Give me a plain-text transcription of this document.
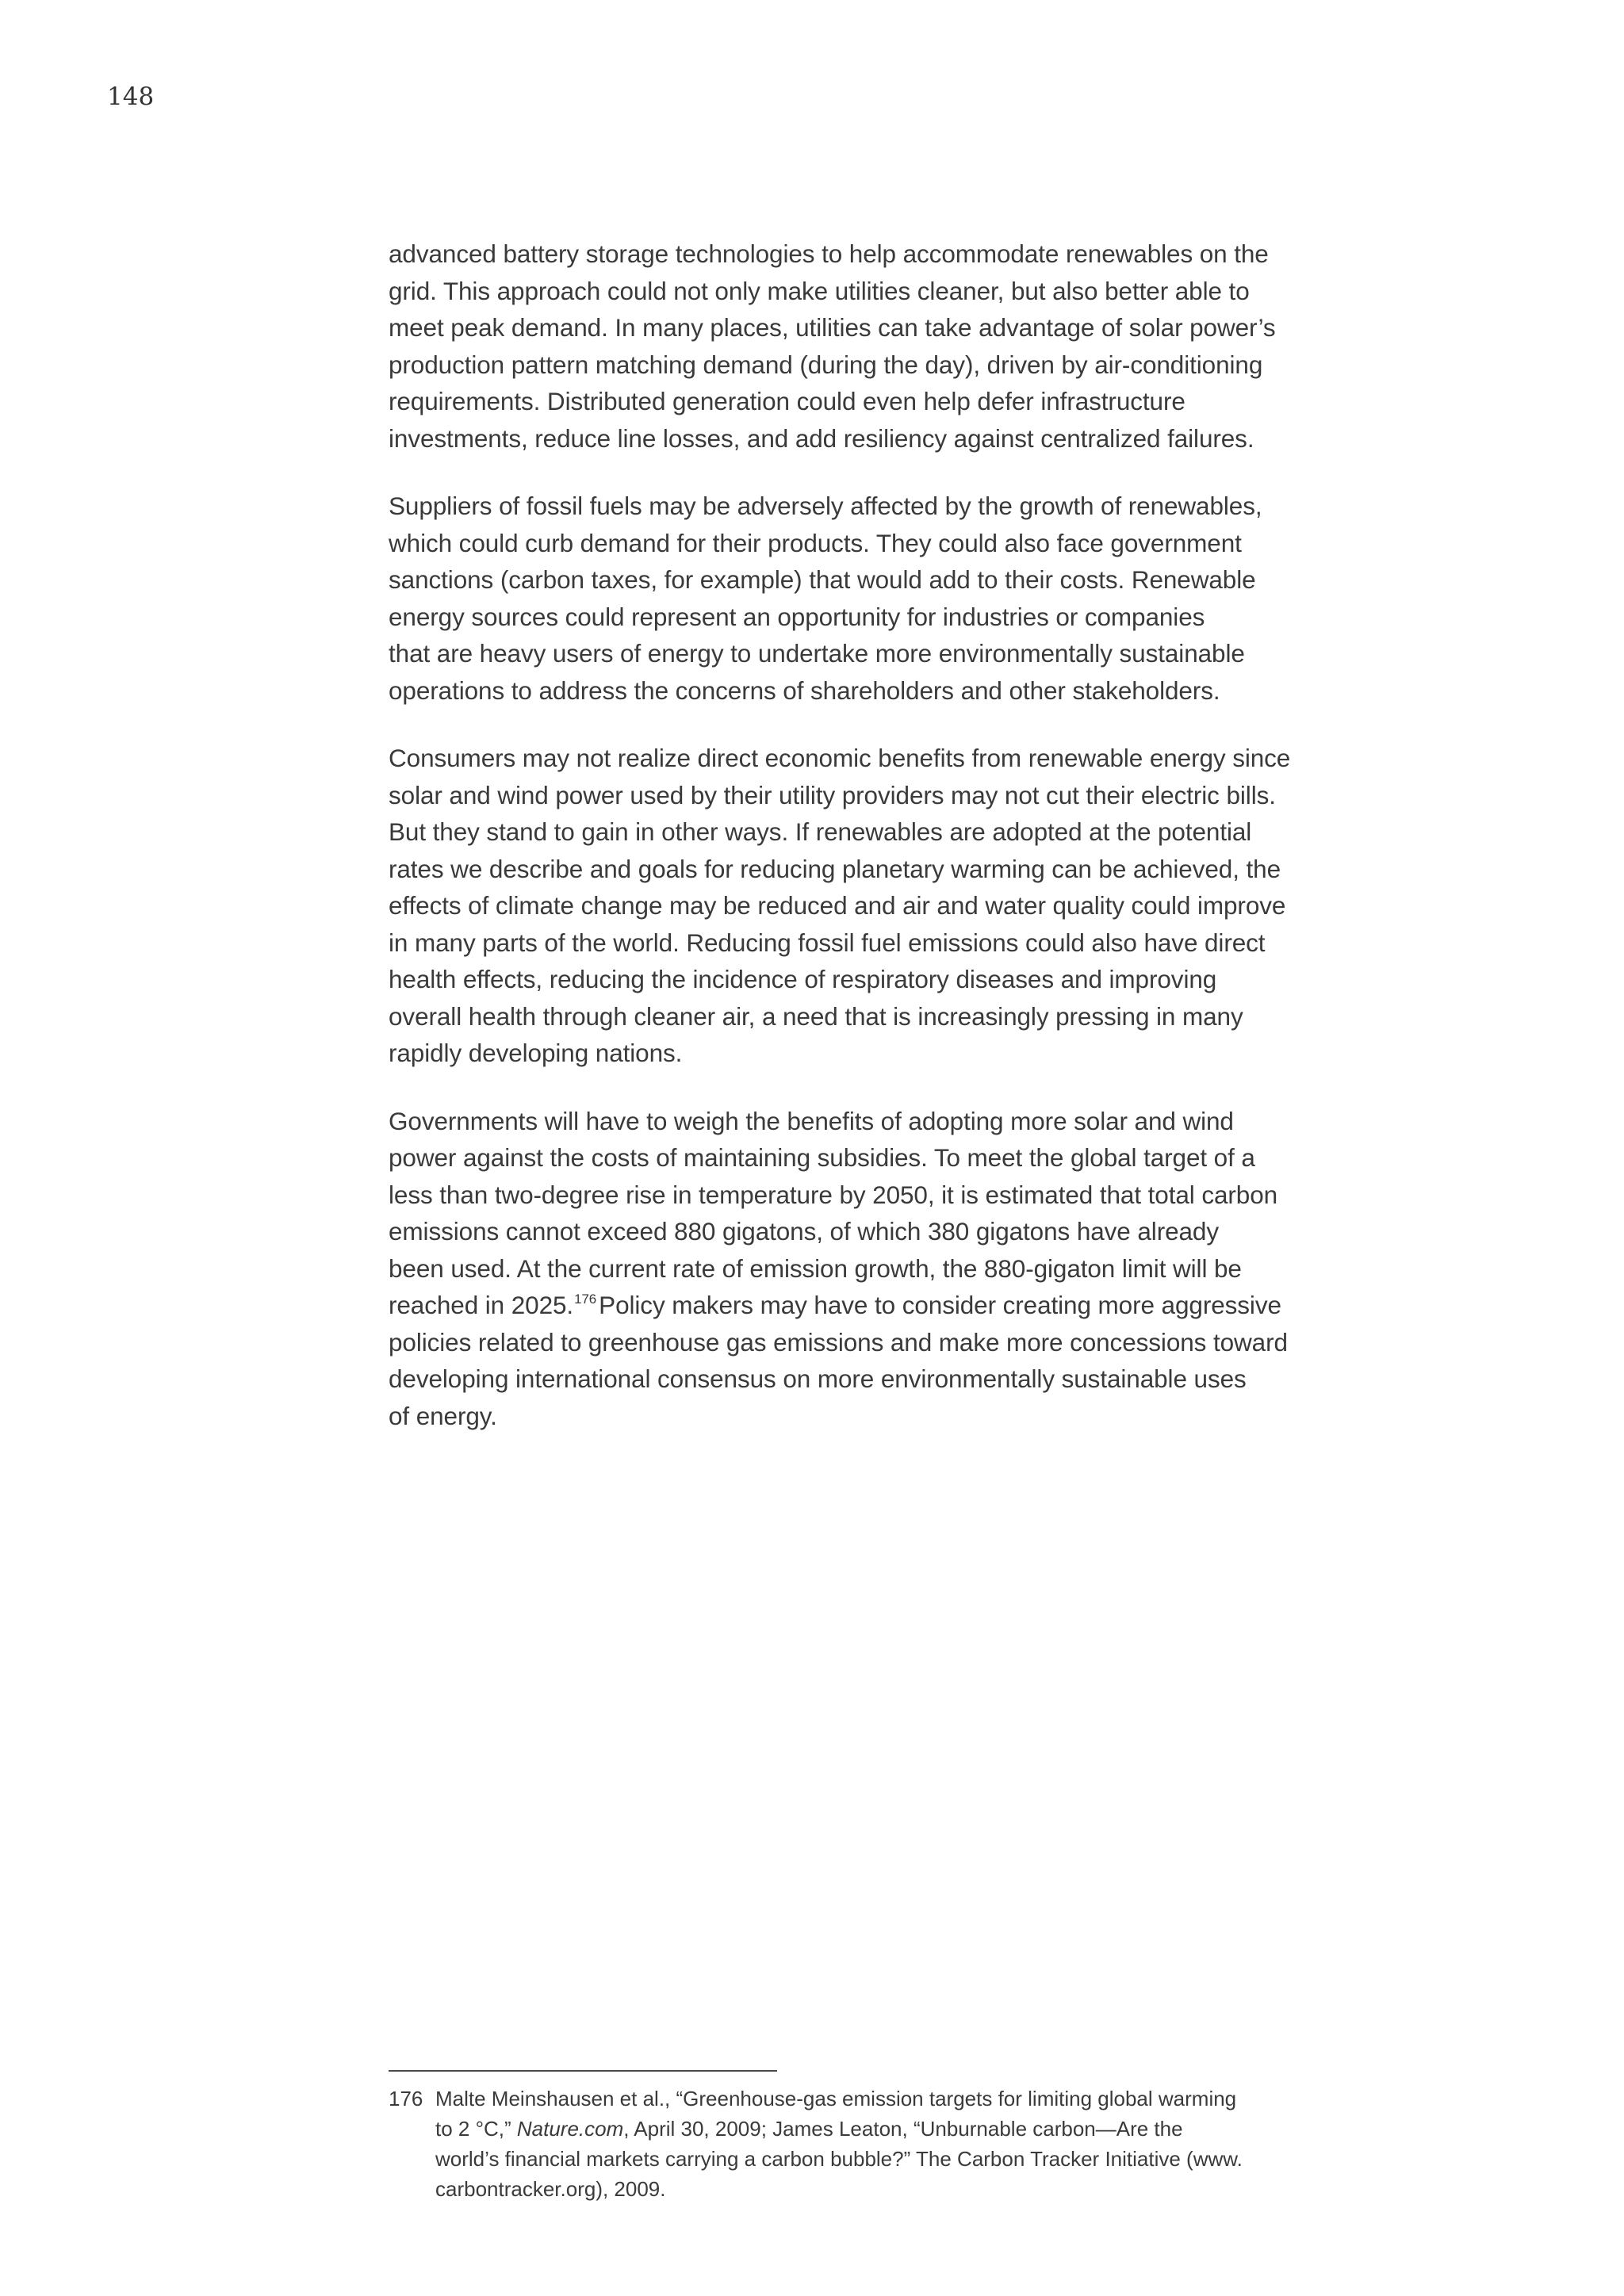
148

advanced battery storage technologies to help accommodate renewables on the
grid. This approach could not only make utilities cleaner, but also better able to
meet peak demand. In many places, utilities can take advantage of solar power’s
production pattern matching demand (during the day), driven by air-conditioning
requirements. Distributed generation could even help defer infrastructure
investments, reduce line losses, and add resiliency against centralized failures.

Suppliers of fossil fuels may be adversely affected by the growth of renewables,
which could curb demand for their products. They could also face government
sanctions (carbon taxes, for example) that would add to their costs. Renewable
energy sources could represent an opportunity for industries or companies
that are heavy users of energy to undertake more environmentally sustainable
operations to address the concerns of shareholders and other stakeholders.

Consumers may not realize direct economic benefits from renewable energy since
solar and wind power used by their utility providers may not cut their electric bills.
But they stand to gain in other ways. If renewables are adopted at the potential
rates we describe and goals for reducing planetary warming can be achieved, the
effects of climate change may be reduced and air and water quality could improve
in many parts of the world. Reducing fossil fuel emissions could also have direct
health effects, reducing the incidence of respiratory diseases and improving
overall health through cleaner air, a need that is increasingly pressing in many
rapidly developing nations.

Governments will have to weigh the benefits of adopting more solar and wind
power against the costs of maintaining subsidies. To meet the global target of a
less than two-degree rise in temperature by 2050, it is estimated that total carbon
emissions cannot exceed 880 gigatons, of which 380 gigatons have already
been used. At the current rate of emission growth, the 880-gigaton limit will be
reached in 2025.$^{176}$Policy makers may have to consider creating more aggressive
policies related to greenhouse gas emissions and make more concessions toward
developing international consensus on more environmentally sustainable uses
of energy.

176 Malte Meinshausen et al., “Greenhouse-gas emission targets for limiting global warming
to 2 °C,” Nature.com, April 30, 2009; James Leaton, “Unburnable carbon—Are the
world’s financial markets carrying a carbon bubble?” The Carbon Tracker Initiative (www.
carbontracker.org), 2009.
